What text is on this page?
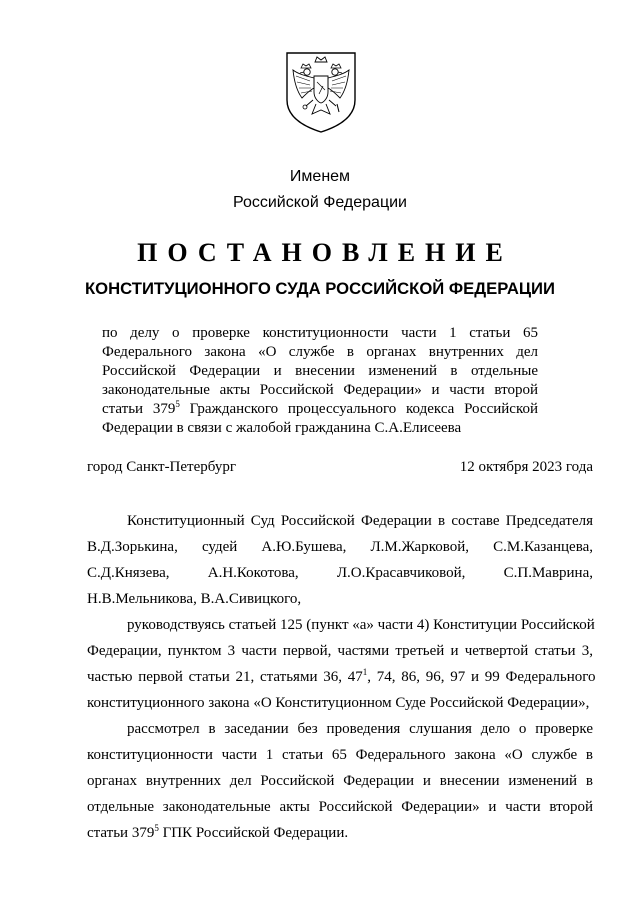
Именем
Российской Федерации
ПОСТАНОВЛЕНИЕ
КОНСТИТУЦИОННОГО СУДА РОССИЙСКОЙ ФЕДЕРАЦИИ
по делу о проверке конституционности части 1 статьи 65
Федерального закона «О службе в органах внутренних дел
Российской Федерации и внесении изменений в отдельные
законодательные акты Российской Федерации» и части второй
статьи $379^5$ Гражданского процессуального кодекса Российской
Федерации в связи с жалобой гражданина С.А.Елисеева
город Санкт-Петербург	12 октября 2023 года
Конституционный Суд Российской Федерации в составе Председателя
В.Д.Зорькина, судей А.Ю.Бушева, Л.М.Жарковой, С.М.Казанцева,
С.Д.Князева, А.Н.Кокотова, Л.О.Красавчиковой, С.П.Маврина,
Н.В.Мельникова, В.А.Сивицкого,
руководствуясь статьей 125 (пункт «а» части 4) Конституции Российской
Федерации, пунктом 3 части первой, частями третьей и четвертой статьи 3,
частью первой статьи 21, статьями 36, $47^1$, 74, 86, 96, 97 и 99 Федерального
конституционного закона «О Конституционном Суде Российской Федерации»,
рассмотрел в заседании без проведения слушания дело о проверке
конституционности части 1 статьи 65 Федерального закона «О службе в
органах внутренних дел Российской Федерации и внесении изменений в
отдельные законодательные акты Российской Федерации» и части второй
статьи $379^5$ ГПК Российской Федерации.
